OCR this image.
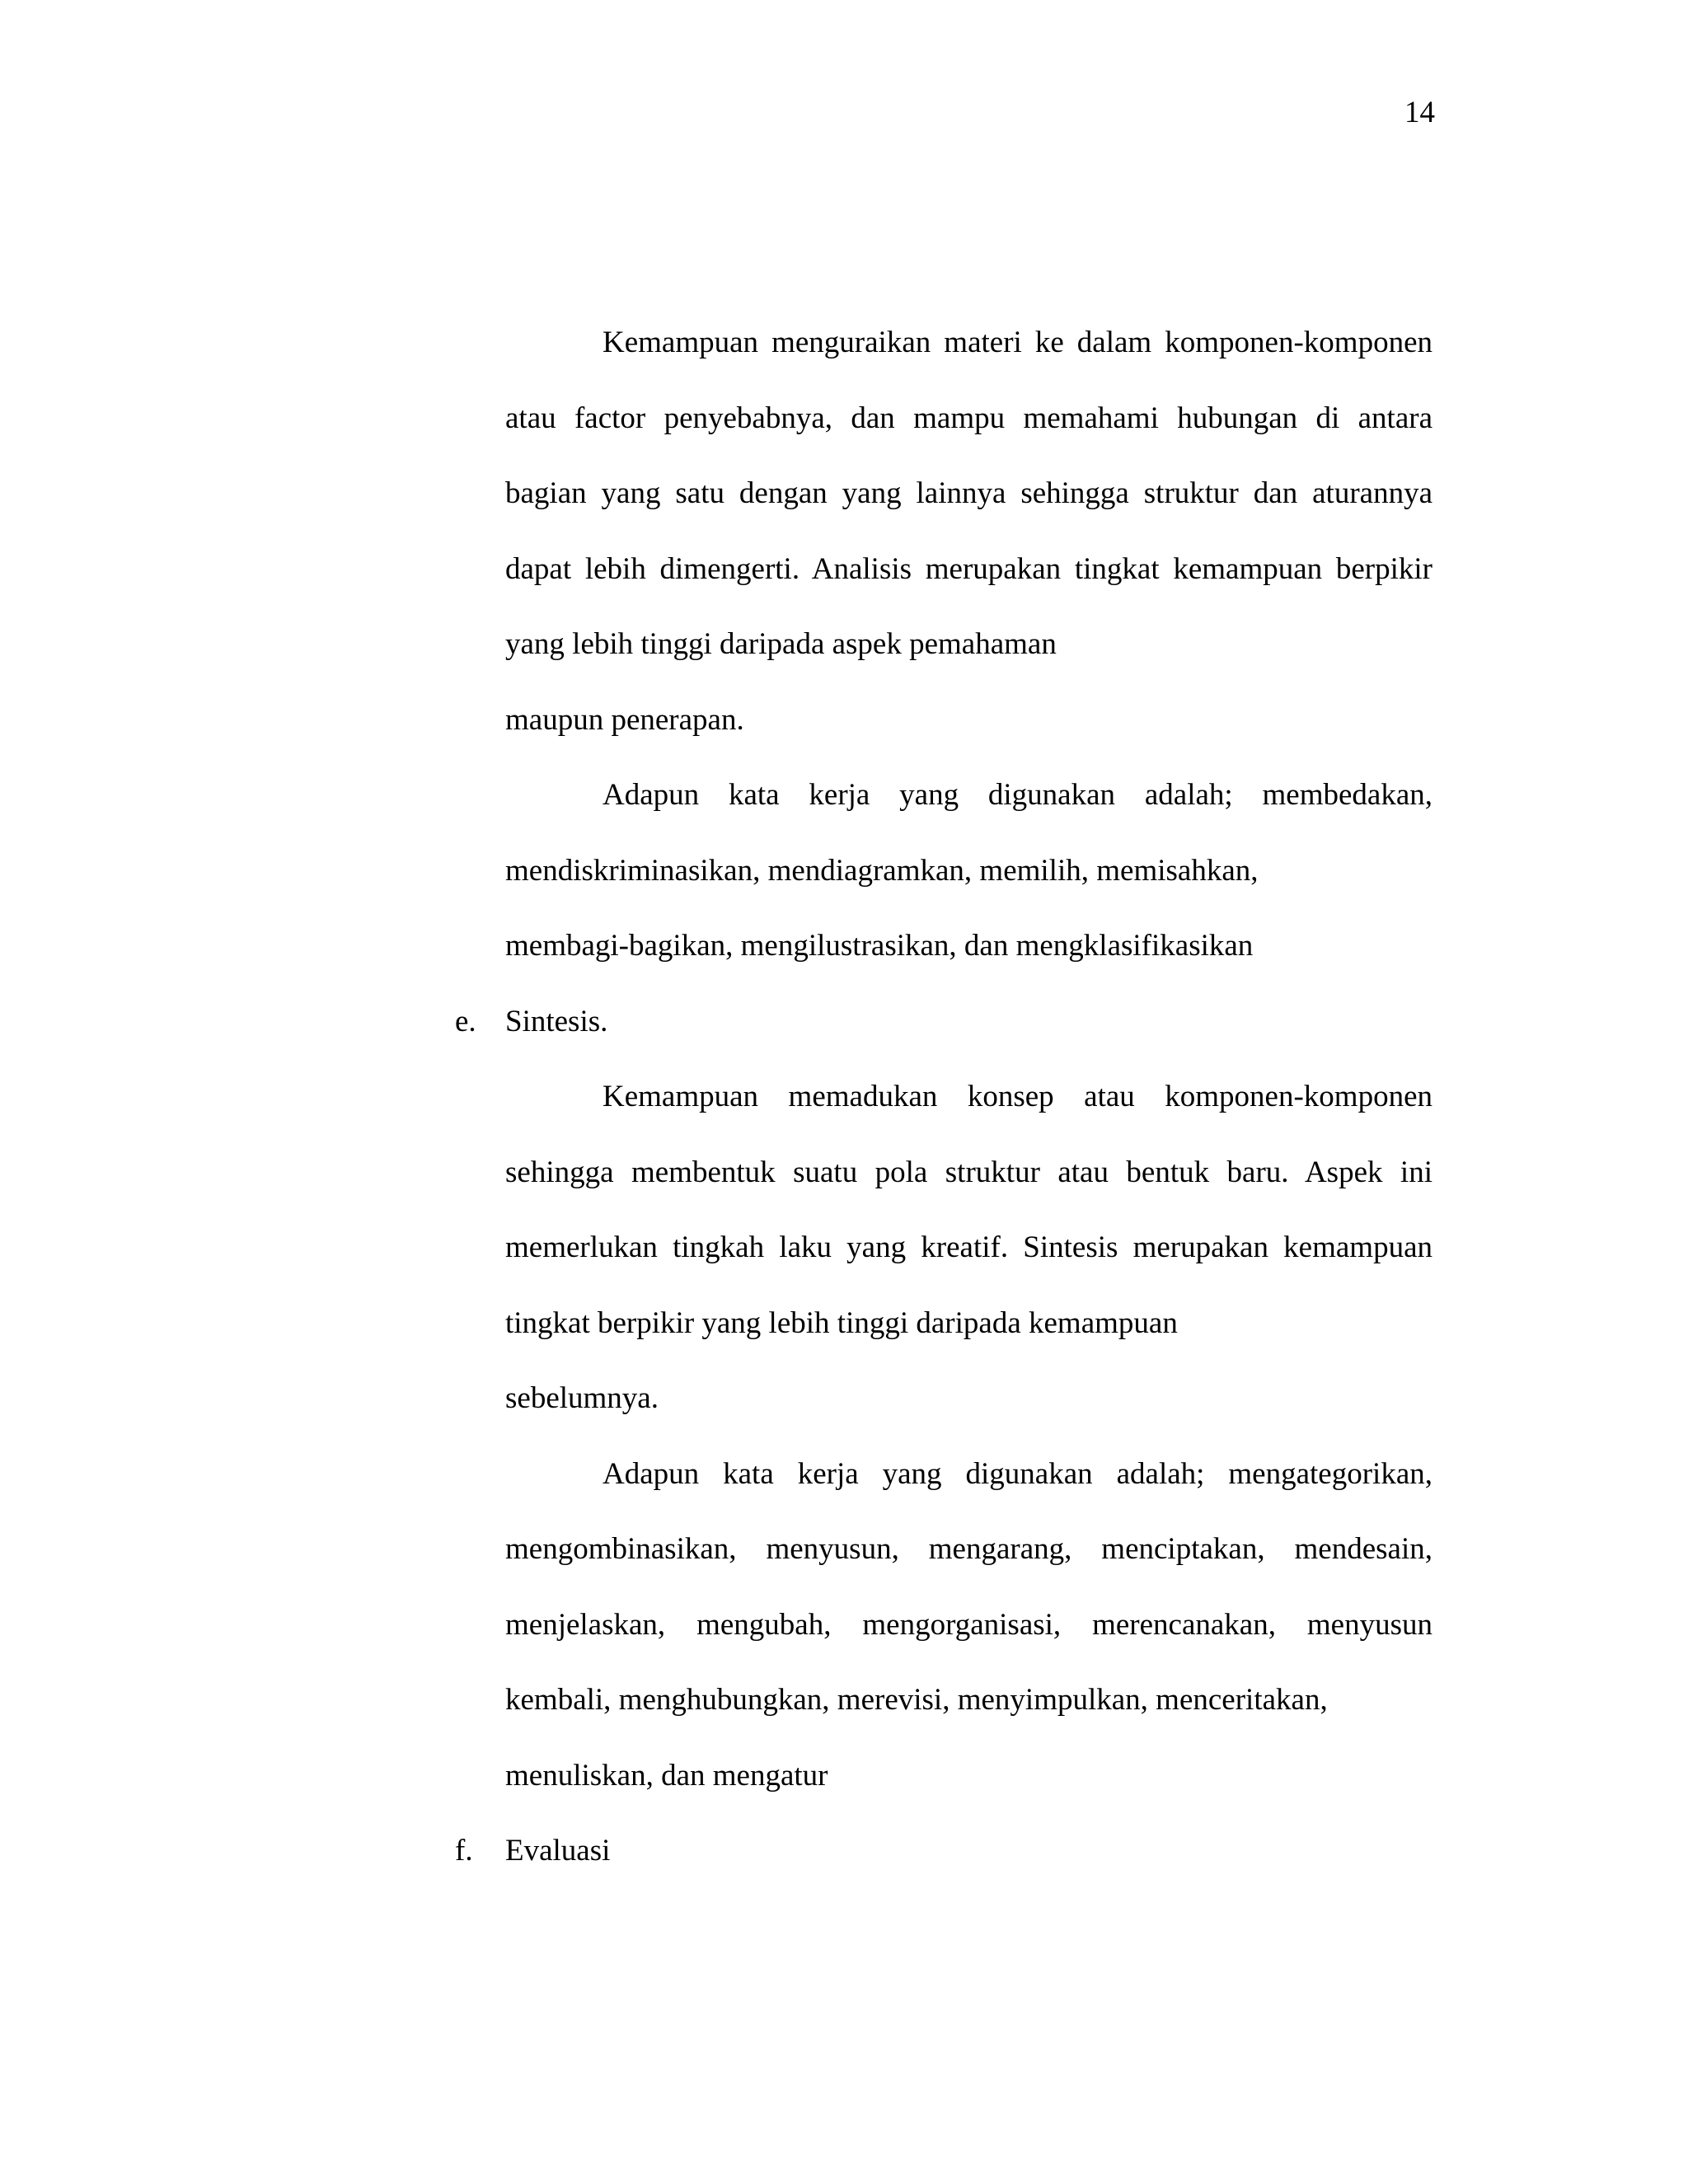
14

Kemampuan menguraikan materi ke dalam komponen-komponen atau factor penyebabnya, dan mampu memahami hubungan di antara bagian yang satu dengan yang lainnya sehingga struktur dan aturannya dapat lebih dimengerti. Analisis merupakan tingkat kemampuan berpikir yang lebih tinggi daripada aspek pemahaman

maupun penerapan.

Adapun kata kerja yang digunakan adalah; membedakan, mendiskriminasikan, mendiagramkan, memilih, memisahkan,

membagi-bagikan, mengilustrasikan, dan mengklasifikasikan

e. Sintesis.

Kemampuan memadukan konsep atau komponen-komponen sehingga membentuk suatu pola struktur atau bentuk baru. Aspek ini memerlukan tingkah laku yang kreatif. Sintesis merupakan kemampuan tingkat berpikir yang lebih tinggi daripada kemampuan

sebelumnya.

Adapun kata kerja yang digunakan adalah; mengategorikan, mengombinasikan, menyusun, mengarang, menciptakan, mendesain, menjelaskan, mengubah, mengorganisasi, merencanakan, menyusun kembali, menghubungkan, merevisi, menyimpulkan, menceritakan,

menuliskan, dan mengatur

f. Evaluasi
